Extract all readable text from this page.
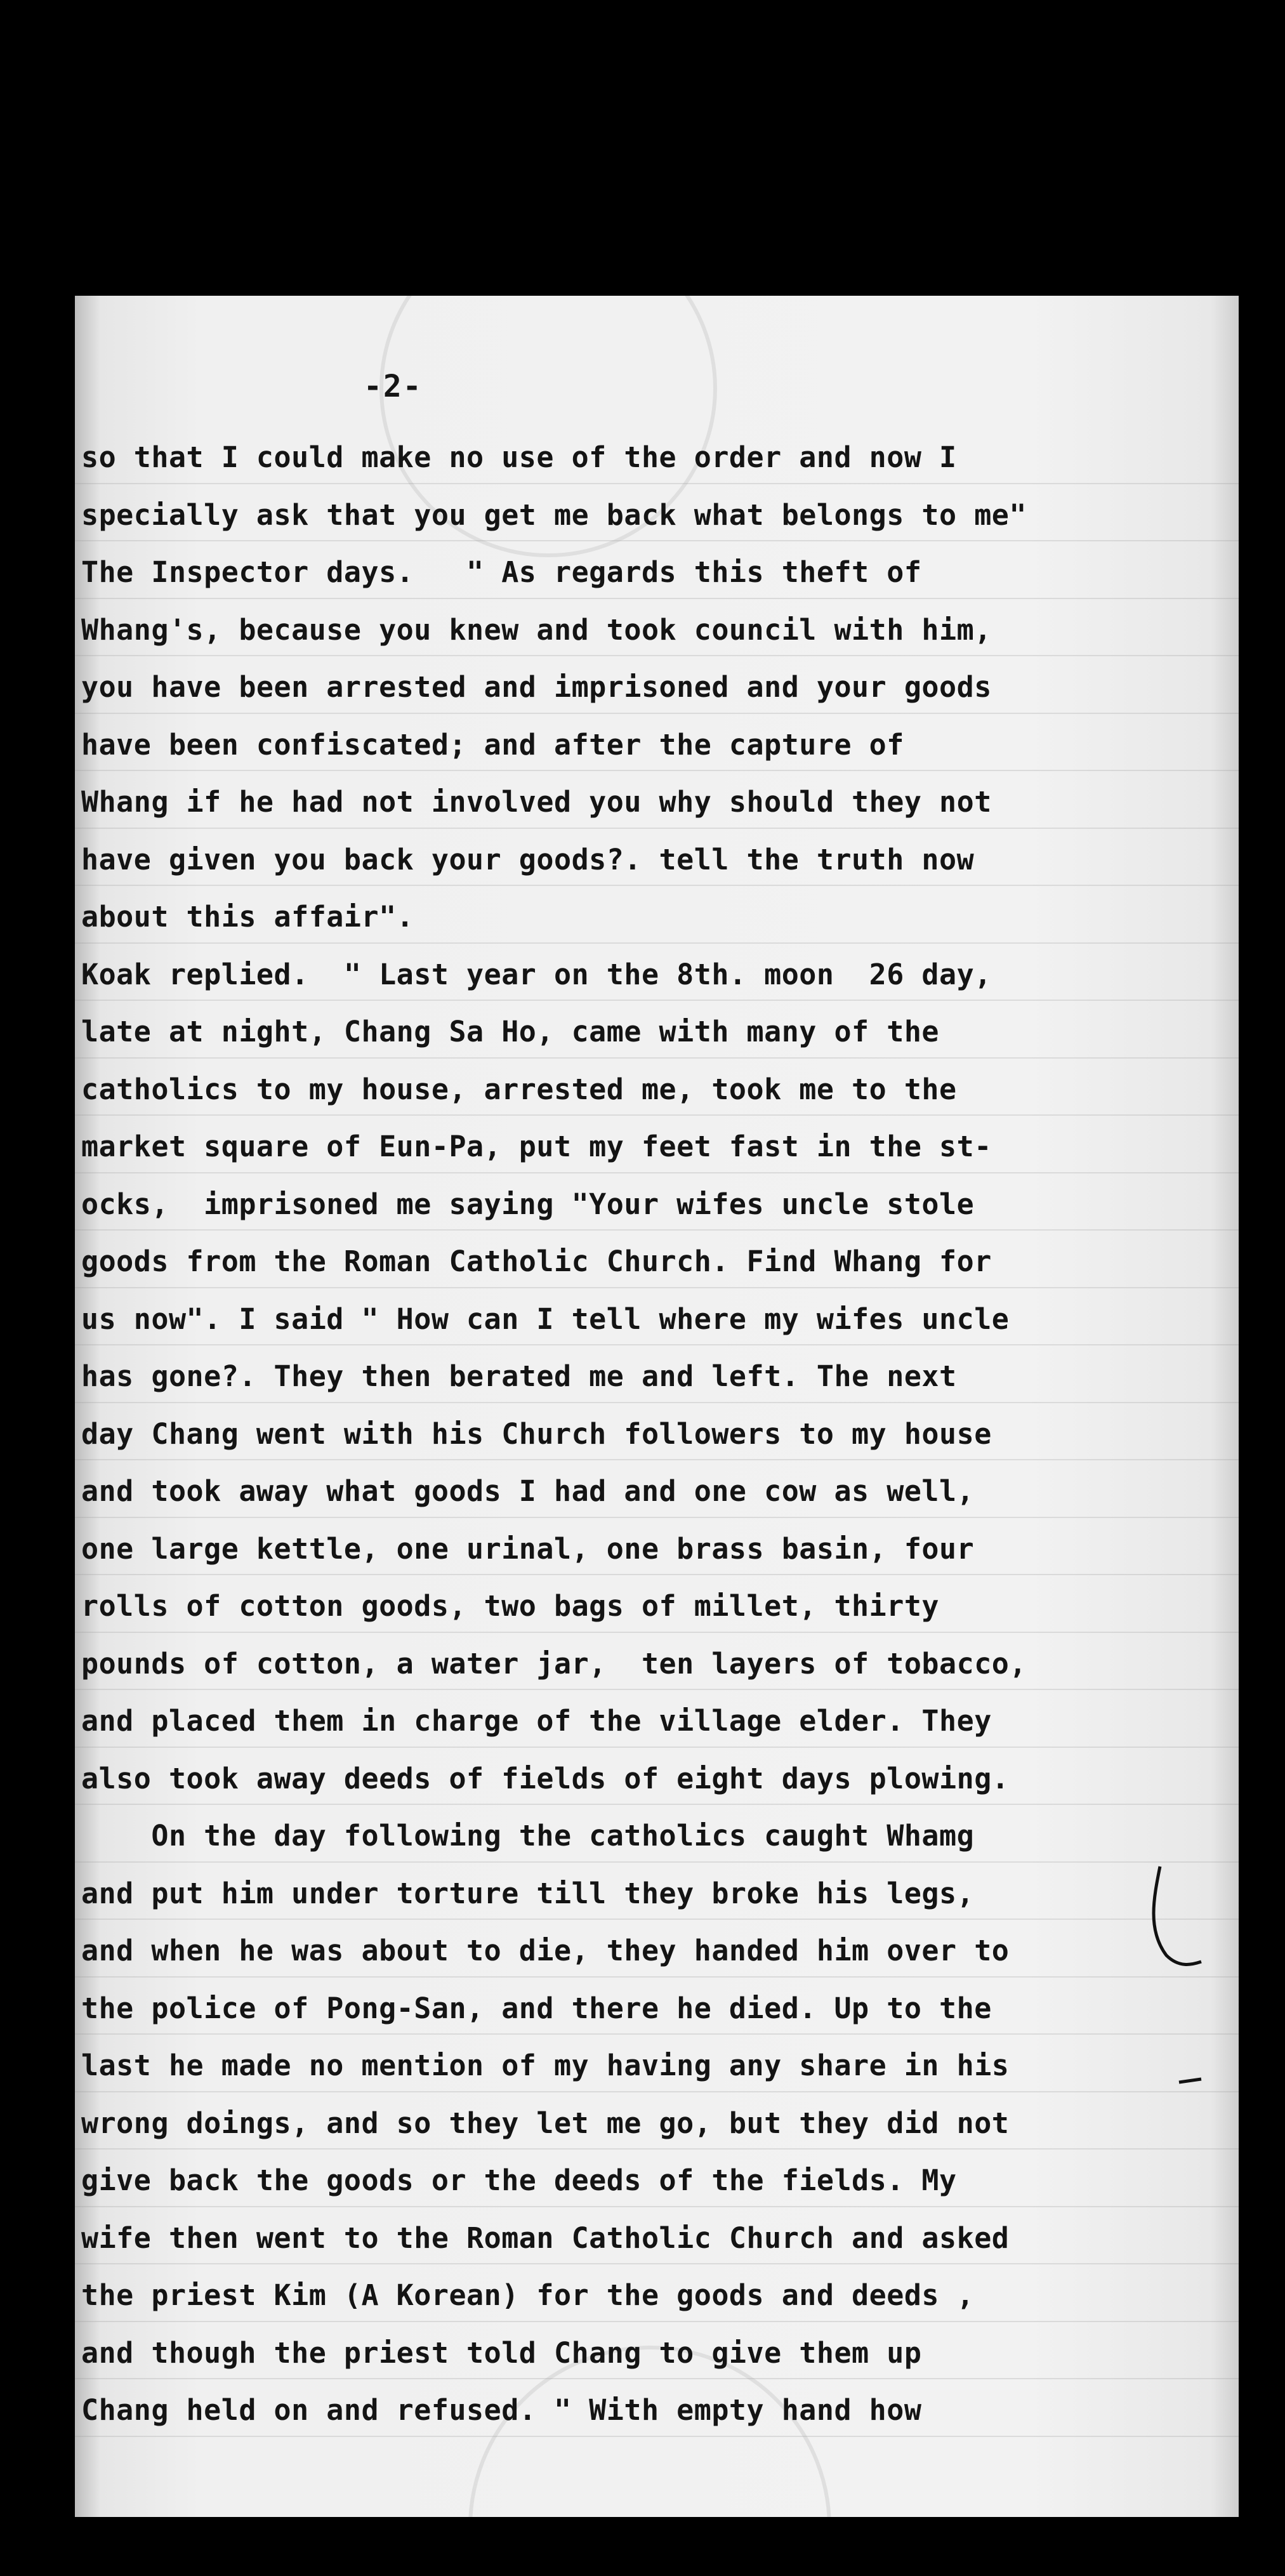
-2-
so that I could make no use of the order and now I
specially ask that you get me back what belongs to me"
The Inspector days.   " As regards this theft of
Whang's, because you knew and took council with him,
you have been arrested and imprisoned and your goods
have been confiscated; and after the capture of
Whang if he had not involved you why should they not
have given you back your goods?. tell the truth now
about this affair".
Koak replied.  " Last year on the 8th. moon  26 day,
late at night, Chang Sa Ho, came with many of the
catholics to my house, arrested me, took me to the
market square of Eun-Pa, put my feet fast in the st-
ocks,  imprisoned me saying "Your wifes uncle stole
goods from the Roman Catholic Church. Find Whang for
us now". I said " How can I tell where my wifes uncle
has gone?. They then berated me and left. The next
day Chang went with his Church followers to my house
and took away what goods I had and one cow as well,
one large kettle, one urinal, one brass basin, four
rolls of cotton goods, two bags of millet, thirty
pounds of cotton, a water jar,  ten layers of tobacco,
and placed them in charge of the village elder. They
also took away deeds of fields of eight days plowing.
On the day following the catholics caught Whamg
and put him under torture till they broke his legs,
and when he was about to die, they handed him over to
the police of Pong-San, and there he died. Up to the
last he made no mention of my having any share in his
wrong doings, and so they let me go, but they did not
give back the goods or the deeds of the fields. My
wife then went to the Roman Catholic Church and asked
the priest Kim (A Korean) for the goods and deeds ,
and though the priest told Chang to give them up
Chang held on and refused. " With empty hand how
